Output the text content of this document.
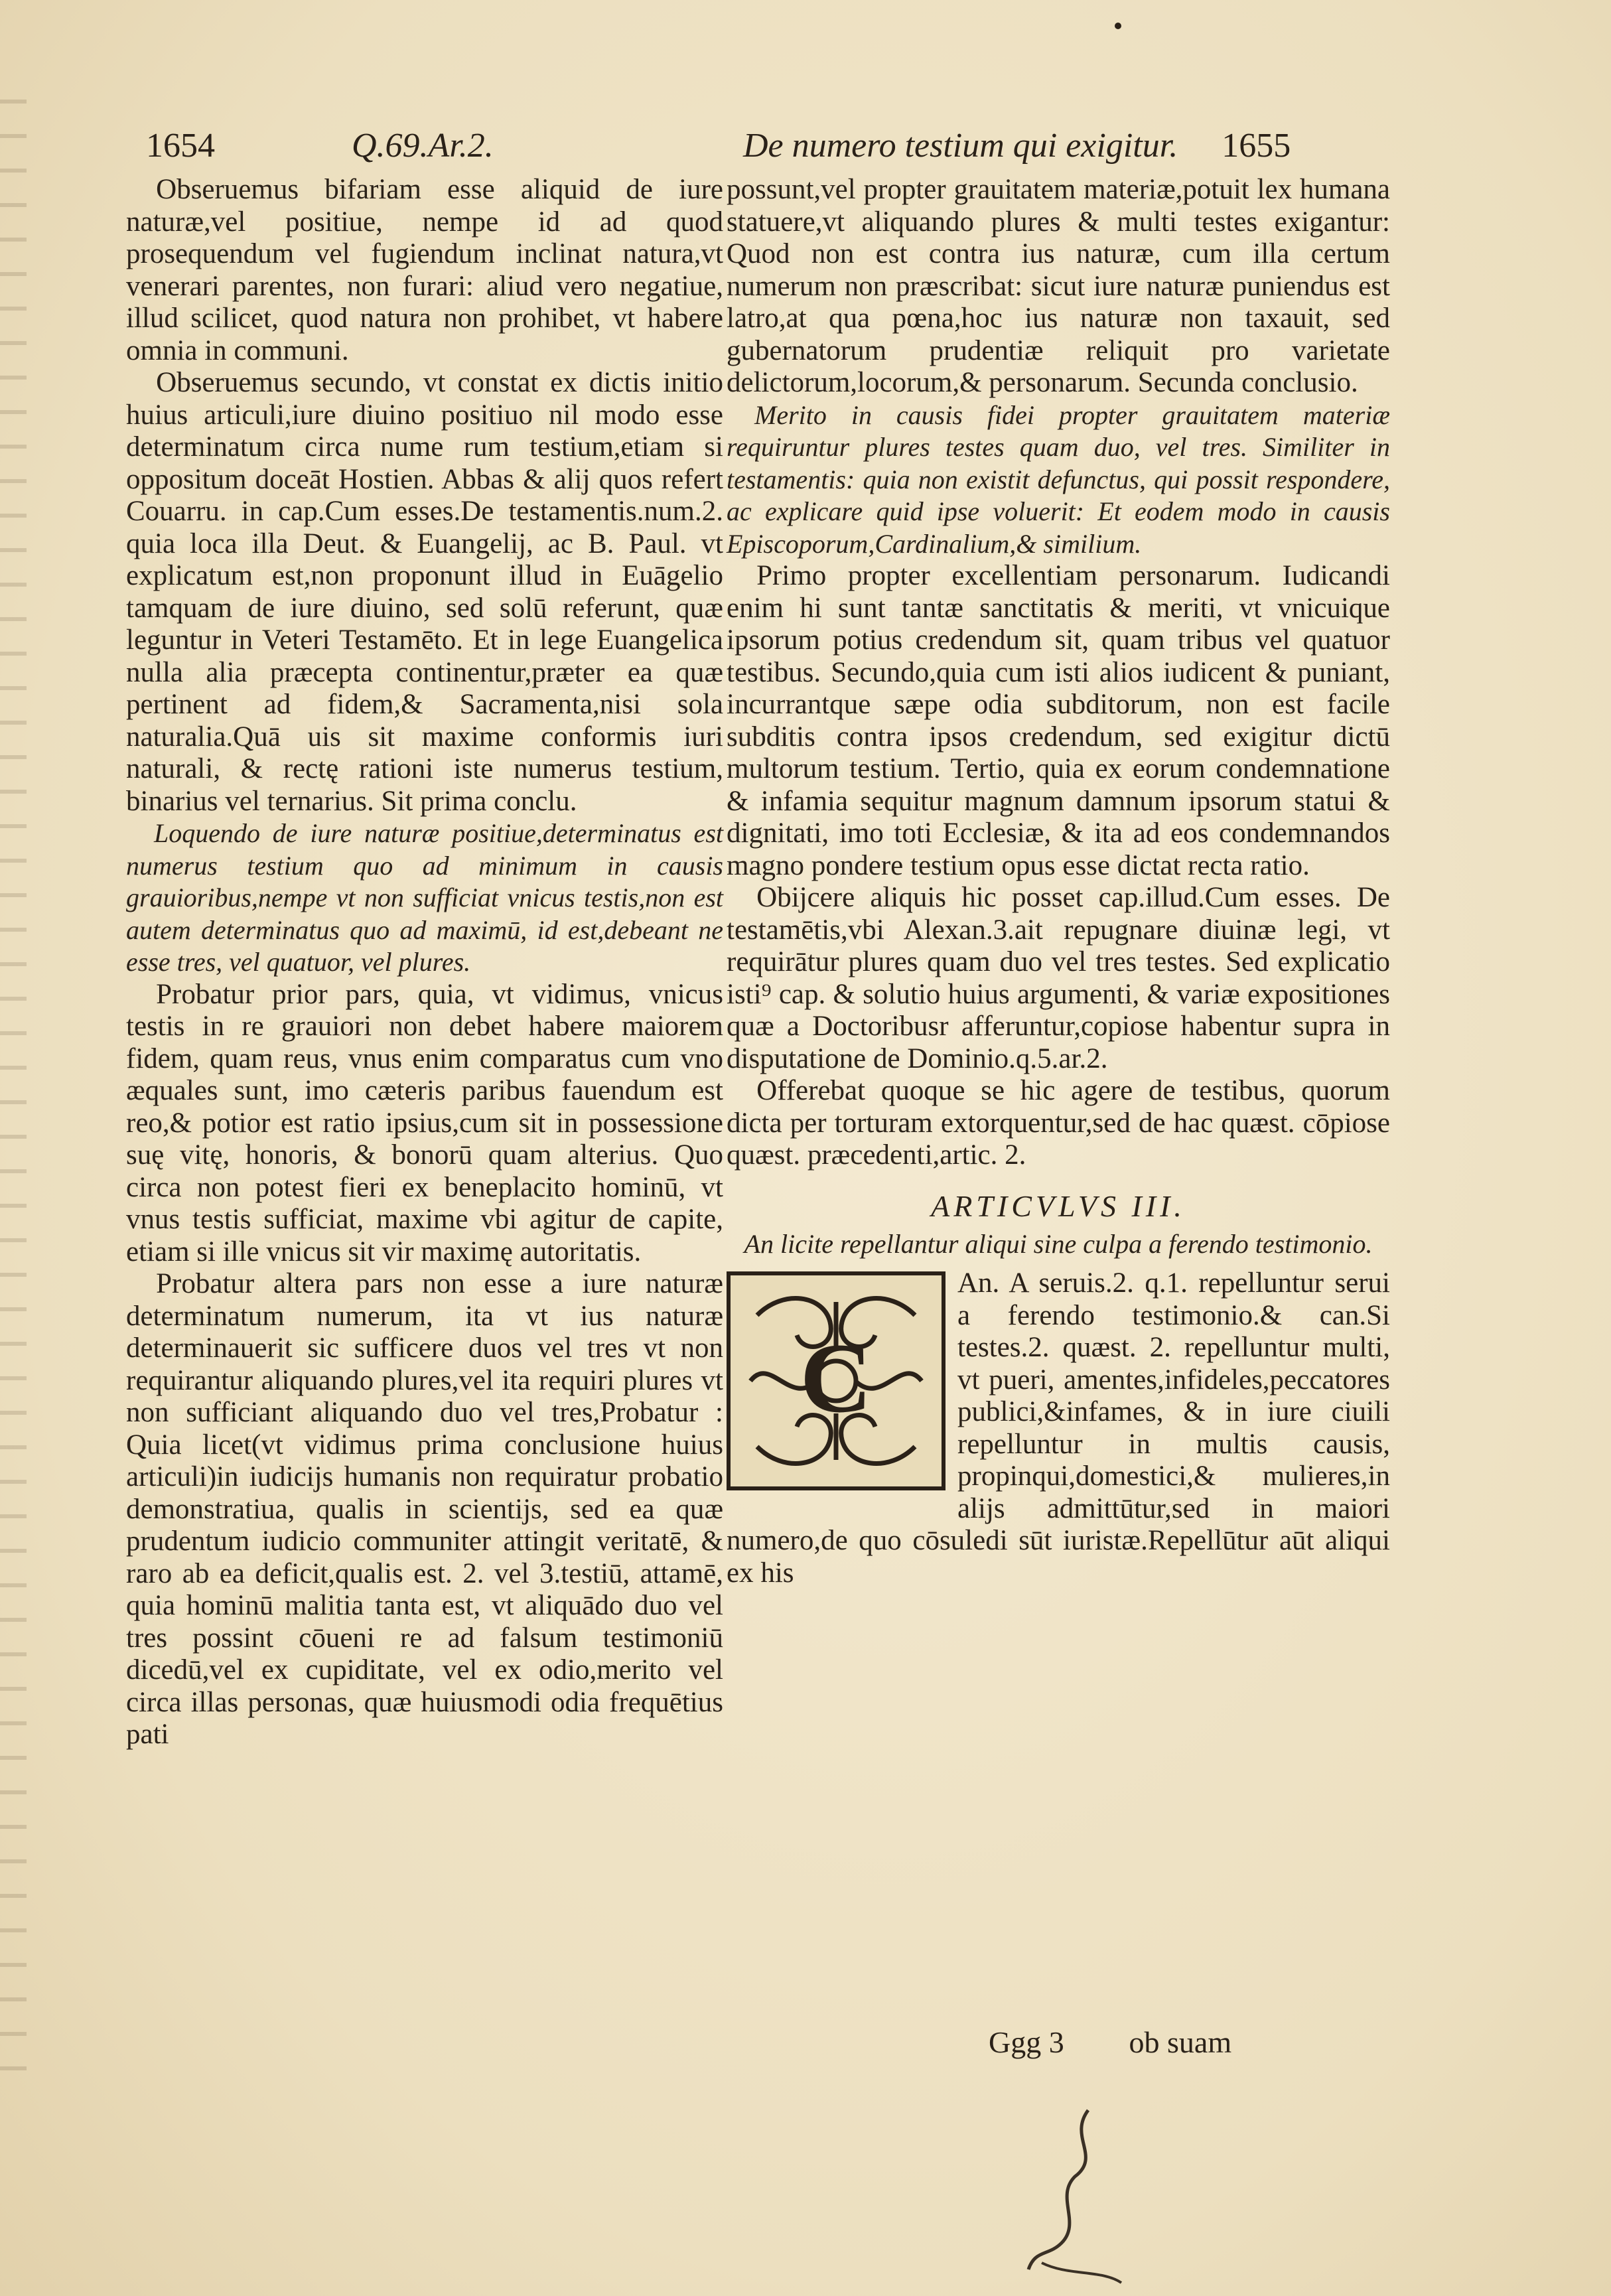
1654	Q.69.Ar.2.	De numero testium qui exigitur. 1655

Obseruemus bifariam esse aliquid de iure naturæ,vel positiue, nempe id ad quod prosequendum vel fugiendum inclinat natura,vt venerari parentes, non furari: aliud vero negatiue, illud scilicet, quod natura non prohibet, vt habere omnia in communi.

Obseruemus secundo, vt constat ex dictis initio huius articuli,iure diuino positiuo nil modo esse determinatum circa nume rum testium,etiam si oppositum doceāt Hostien. Abbas & alij quos refert Couarru. in cap.Cum esses.De testamentis.num.2. quia loca illa Deut. & Euangelij, ac B. Paul. vt explicatum est,non proponunt illud in Euāgelio tamquam de iure diuino, sed solū referunt, quæ leguntur in Veteri Testamēto. Et in lege Euangelica nulla alia præcepta continentur,præter ea quæ pertinent ad fidem,& Sacramenta,nisi sola naturalia.Quā uis sit maxime conformis iuri naturali, & rectę rationi iste numerus testium, binarius vel ternarius. Sit prima conclu.

Loquendo de iure naturæ positiue,determinatus est numerus testium quo ad minimum in causis grauioribus,nempe vt non sufficiat vnicus testis,non est autem determinatus quo ad maximū, id est,debeant ne esse tres, vel quatuor, vel plures.

Probatur prior pars, quia, vt vidimus, vnicus testis in re grauiori non debet habere maiorem fidem, quam reus, vnus enim comparatus cum vno æquales sunt, imo cæteris paribus fauendum est reo,& potior est ratio ipsius,cum sit in possessione suę vitę, honoris, & bonorū quam alterius. Quo circa non potest fieri ex beneplacito hominū, vt vnus testis sufficiat, maxime vbi agitur de capite, etiam si ille vnicus sit vir maximę autoritatis.

Probatur altera pars non esse a iure naturæ determinatum numerum, ita vt ius naturæ determinauerit sic sufficere duos vel tres vt non requirantur aliquando plures,vel ita requiri plures vt non sufficiant aliquando duo vel tres,Probatur : Quia licet(vt vidimus prima conclusione huius articuli)in iudicijs humanis non requiratur probatio demonstratiua, qualis in scientijs, sed ea quæ prudentum iudicio communiter attingit veritatē, & raro ab ea deficit,qualis est. 2. vel 3.testiū, attamē, quia hominū malitia tanta est, vt aliquādo duo vel tres possint cōueni re ad falsum testimoniū dicedū,vel ex cupiditate, vel ex odio,merito vel circa illas personas, quæ huiusmodi odia frequētius pati

possunt,vel propter grauitatem materiæ,potuit lex humana statuere,vt aliquando plures & multi testes exigantur: Quod non est contra ius naturæ, cum illa certum numerum non præscribat: sicut iure naturæ puniendus est latro,at qua pœna,hoc ius naturæ non taxauit, sed gubernatorum prudentiæ reliquit pro varietate delictorum,locorum,& personarum. Secunda conclusio.

Merito in causis fidei propter grauitatem materiæ requiruntur plures testes quam duo, vel tres. Similiter in testamentis: quia non existit defunctus, qui possit respondere, ac explicare quid ipse voluerit: Et eodem modo in causis Episcoporum,Cardinalium,& similium.

Primo propter excellentiam personarum. Iudicandi enim hi sunt tantæ sanctitatis & meriti, vt vnicuique ipsorum potius credendum sit, quam tribus vel quatuor testibus. Secundo,quia cum isti alios iudicent & puniant, incurrantque sæpe odia subditorum, non est facile subditis contra ipsos credendum, sed exigitur dictū multorum testium. Tertio, quia ex eorum condemnatione & infamia sequitur magnum damnum ipsorum statui & dignitati, imo toti Ecclesiæ, & ita ad eos condemnandos magno pondere testium opus esse dictat recta ratio.

Obijcere aliquis hic posset cap.illud.Cum esses. De testamētis,vbi Alexan.3.ait repugnare diuinæ legi, vt requirātur plures quam duo vel tres testes. Sed explicatio isti⁹ cap. & solutio huius argumenti, & variæ expositiones quæ a Doctoribusr afferuntur,copiose habentur supra in disputatione de Dominio.q.5.ar.2.

Offerebat quoque se hic agere de testibus, quorum dicta per torturam extorquentur,sed de hac quæst. cōpiose quæst. præcedenti,artic. 2.

ARTICVLVS III.
An licite repellantur aliqui sine culpa a ferendo testimonio.
C

An. A seruis.2. q.1. repelluntur serui a ferendo testimonio.& can.Si testes.2. quæst. 2. repelluntur multi, vt pueri, amentes,infideles,peccatores publici,&infames, & in iure ciuili repelluntur in multis causis, propinqui,domestici,& mulieres,in alijs admittūtur,sed in maiori numero,de quo cōsuledi sūt iuristæ.Repellūtur aūt aliqui ex his

Ggg 3 ob suam
